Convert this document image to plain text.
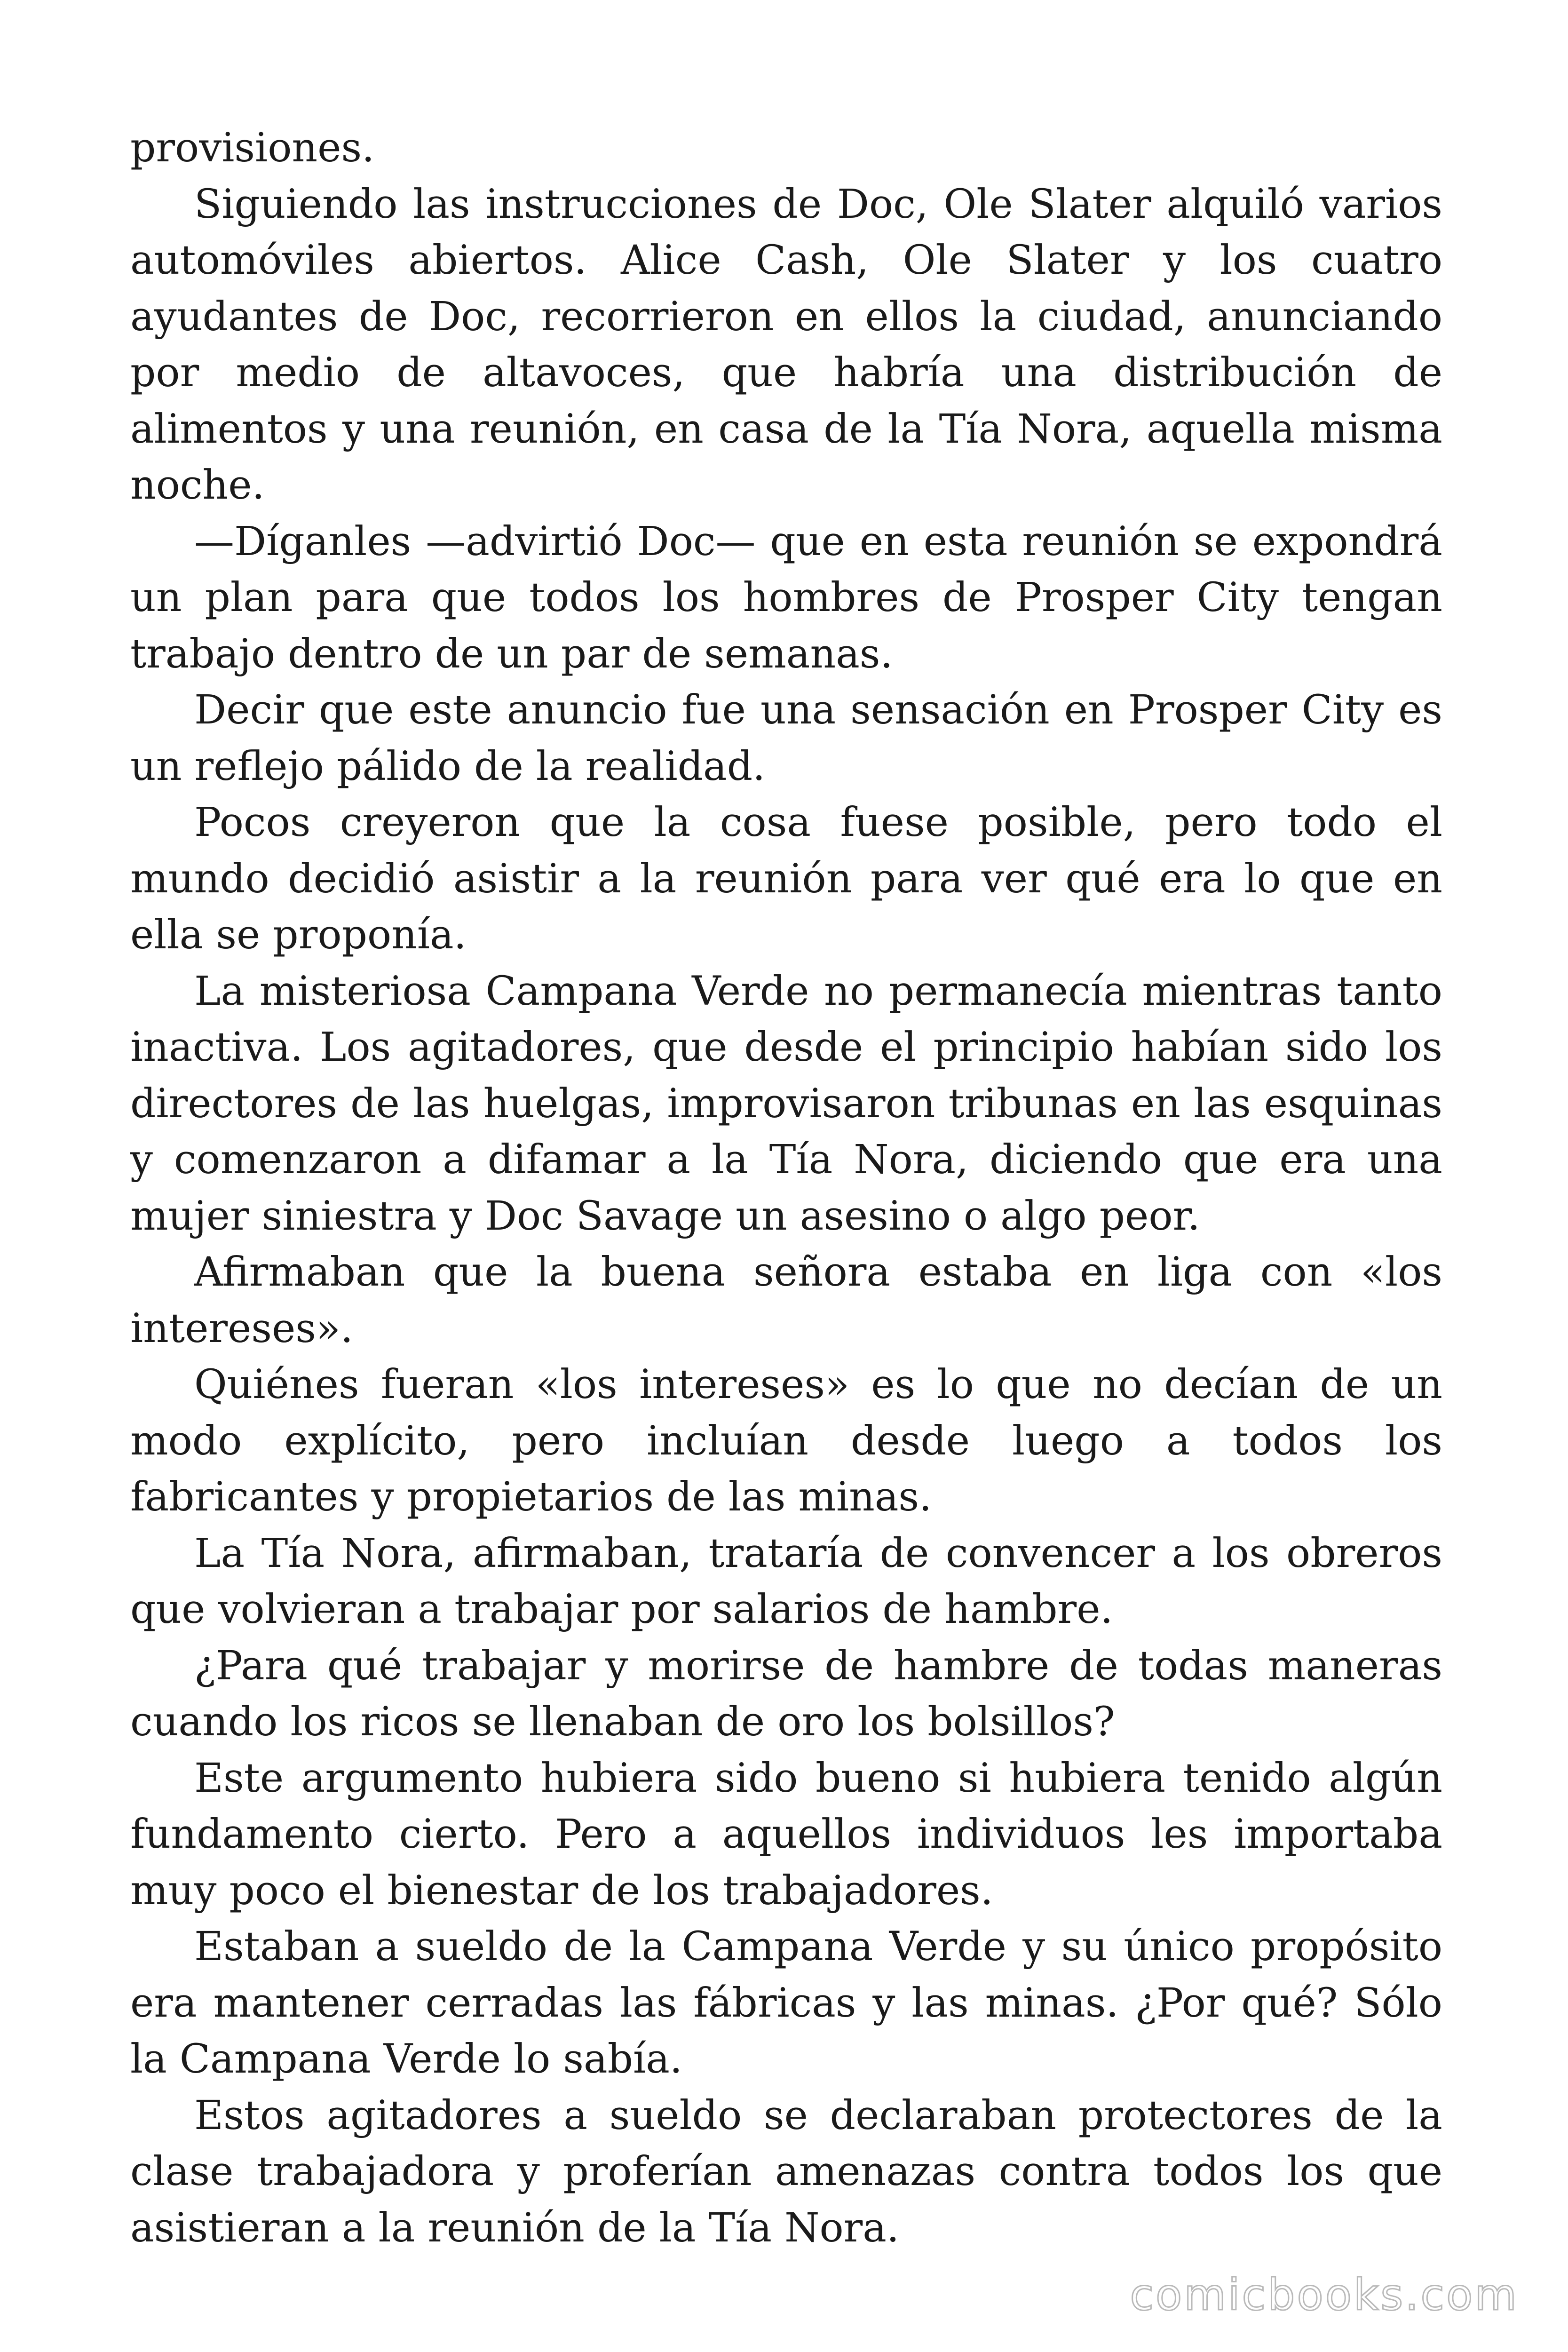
provisiones.

Siguiendo las instrucciones de Doc, Ole Slater alquiló varios automóviles abiertos. Alice Cash, Ole Slater y los cuatro ayudantes de Doc, recorrieron en ellos la ciudad, anunciando por medio de altavoces, que habría una distribución de alimentos y una reunión, en casa de la Tía Nora, aquella misma noche.

—Díganles —advirtió Doc— que en esta reunión se expondrá un plan para que todos los hombres de Prosper City tengan trabajo dentro de un par de semanas.

Decir que este anuncio fue una sensación en Prosper City es un reflejo pálido de la realidad.

Pocos creyeron que la cosa fuese posible, pero todo el mundo decidió asistir a la reunión para ver qué era lo que en ella se proponía.

La misteriosa Campana Verde no permanecía mientras tanto inactiva. Los agitadores, que desde el principio habían sido los directores de las huelgas, improvisaron tribunas en las esquinas y comenzaron a difamar a la Tía Nora, diciendo que era una mujer siniestra y Doc Savage un asesino o algo peor.

Afirmaban que la buena señora estaba en liga con «los intereses».

Quiénes fueran «los intereses» es lo que no decían de un modo explícito, pero incluían desde luego a todos los fabricantes y propietarios de las minas.

La Tía Nora, afirmaban, trataría de convencer a los obreros que volvieran a trabajar por salarios de hambre.

¿Para qué trabajar y morirse de hambre de todas maneras cuando los ricos se llenaban de oro los bolsillos?

Este argumento hubiera sido bueno si hubiera tenido algún fundamento cierto. Pero a aquellos individuos les importaba muy poco el bienestar de los trabajadores.

Estaban a sueldo de la Campana Verde y su único propósito era mantener cerradas las fábricas y las minas. ¿Por qué? Sólo la Campana Verde lo sabía.

Estos agitadores a sueldo se declaraban protectores de la clase trabajadora y proferían amenazas contra todos los que asistieran a la reunión de la Tía Nora.

comicbooks.com
